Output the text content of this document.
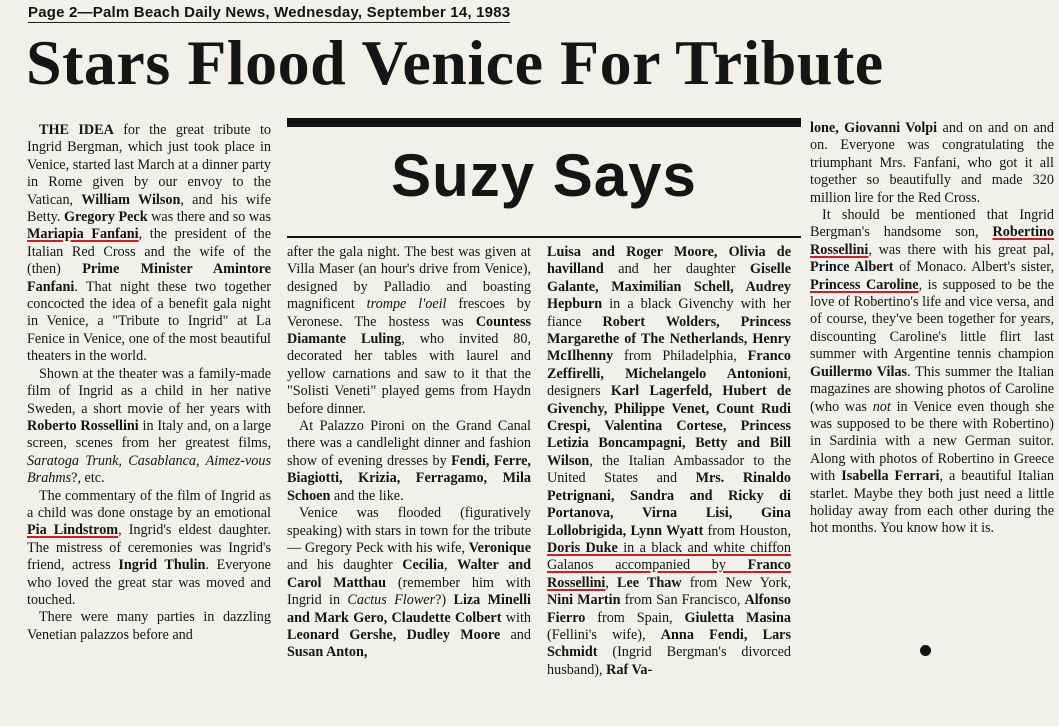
Page 2—Palm Beach Daily News, Wednesday, September 14, 1983
Stars Flood Venice For Tribute
Suzy Says

THE IDEA for the great tribute to Ingrid Bergman, which just took place in Venice, started last March at a dinner party in Rome given by our envoy to the Vatican, William Wilson, and his wife Betty. Gregory Peck was there and so was Mariapia Fanfani, the president of the Italian Red Cross and the wife of the (then) Prime Minister Amintore Fanfani. That night these two together concocted the idea of a benefit gala night in Venice, a "Tribute to Ingrid" at La Fenice in Venice, one of the most beautiful theaters in the world.

Shown at the theater was a family-made film of Ingrid as a child in her native Sweden, a short movie of her years with Roberto Rossellini in Italy and, on a large screen, scenes from her greatest films, Saratoga Trunk, Casablanca, Aimez-vous Brahms?, etc.

The commentary of the film of Ingrid as a child was done onstage by an emotional Pia Lindstrom, Ingrid's eldest daughter. The mistress of ceremonies was Ingrid's friend, actress Ingrid Thulin. Everyone who loved the great star was moved and touched.

There were many parties in dazzling Venetian palazzos before and

after the gala night. The best was given at Villa Maser (an hour's drive from Venice), designed by Palladio and boasting magnificent trompe l'oeil frescoes by Veronese. The hostess was Countess Diamante Luling, who invited 80, decorated her tables with laurel and yellow carnations and saw to it that the "Solisti Veneti" played gems from Haydn before dinner.

At Palazzo Pironi on the Grand Canal there was a candlelight dinner and fashion show of evening dresses by Fendi, Ferre, Biagiotti, Krizia, Ferragamo, Mila Schoen and the like.

Venice was flooded (figuratively speaking) with stars in town for the tribute — Gregory Peck with his wife, Veronique and his daughter Cecilia, Walter and Carol Matthau (remember him with Ingrid in Cactus Flower?) Liza Minelli and Mark Gero, Claudette Colbert with Leonard Gershe, Dudley Moore and Susan Anton,

Luisa and Roger Moore, Olivia de havilland and her daughter Giselle Galante, Maximilian Schell, Audrey Hepburn in a black Givenchy with her fiance Robert Wolders, Princess Margarethe of The Netherlands, Henry McIlhenny from Philadelphia, Franco Zeffirelli, Michelangelo Antonioni, designers Karl Lagerfeld, Hubert de Givenchy, Philippe Venet, Count Rudi Crespi, Valentina Cortese, Princess Letizia Boncampagni, Betty and Bill Wilson, the Italian Ambassador to the United States and Mrs. Rinaldo Petrignani, Sandra and Ricky di Portanova, Virna Lisi, Gina Lollobrigida, Lynn Wyatt from Houston, Doris Duke in a black and white chiffon Galanos accompanied by Franco Rossellini, Lee Thaw from New York, Nini Martin from San Francisco, Alfonso Fierro from Spain, Giuletta Masina (Fellini's wife), Anna Fendi, Lars Schmidt (Ingrid Bergman's divorced husband), Raf Va-

lone, Giovanni Volpi and on and on and on. Everyone was congratulating the triumphant Mrs. Fanfani, who got it all together so beautifully and made 320 million lire for the Red Cross.

It should be mentioned that Ingrid Bergman's handsome son, Robertino Rossellini, was there with his great pal, Prince Albert of Monaco. Albert's sister, Princess Caroline, is supposed to be the love of Robertino's life and vice versa, and of course, they've been together for years, discounting Caroline's little flirt last summer with Argentine tennis champion Guillermo Vilas. This summer the Italian magazines are showing photos of Caroline (who was not in Venice even though she was supposed to be there with Robertino) in Sardinia with a new German suitor. Along with photos of Robertino in Greece with Isabella Ferrari, a beautiful Italian starlet. Maybe they both just need a little holiday away from each other during the hot months. You know how it is.
